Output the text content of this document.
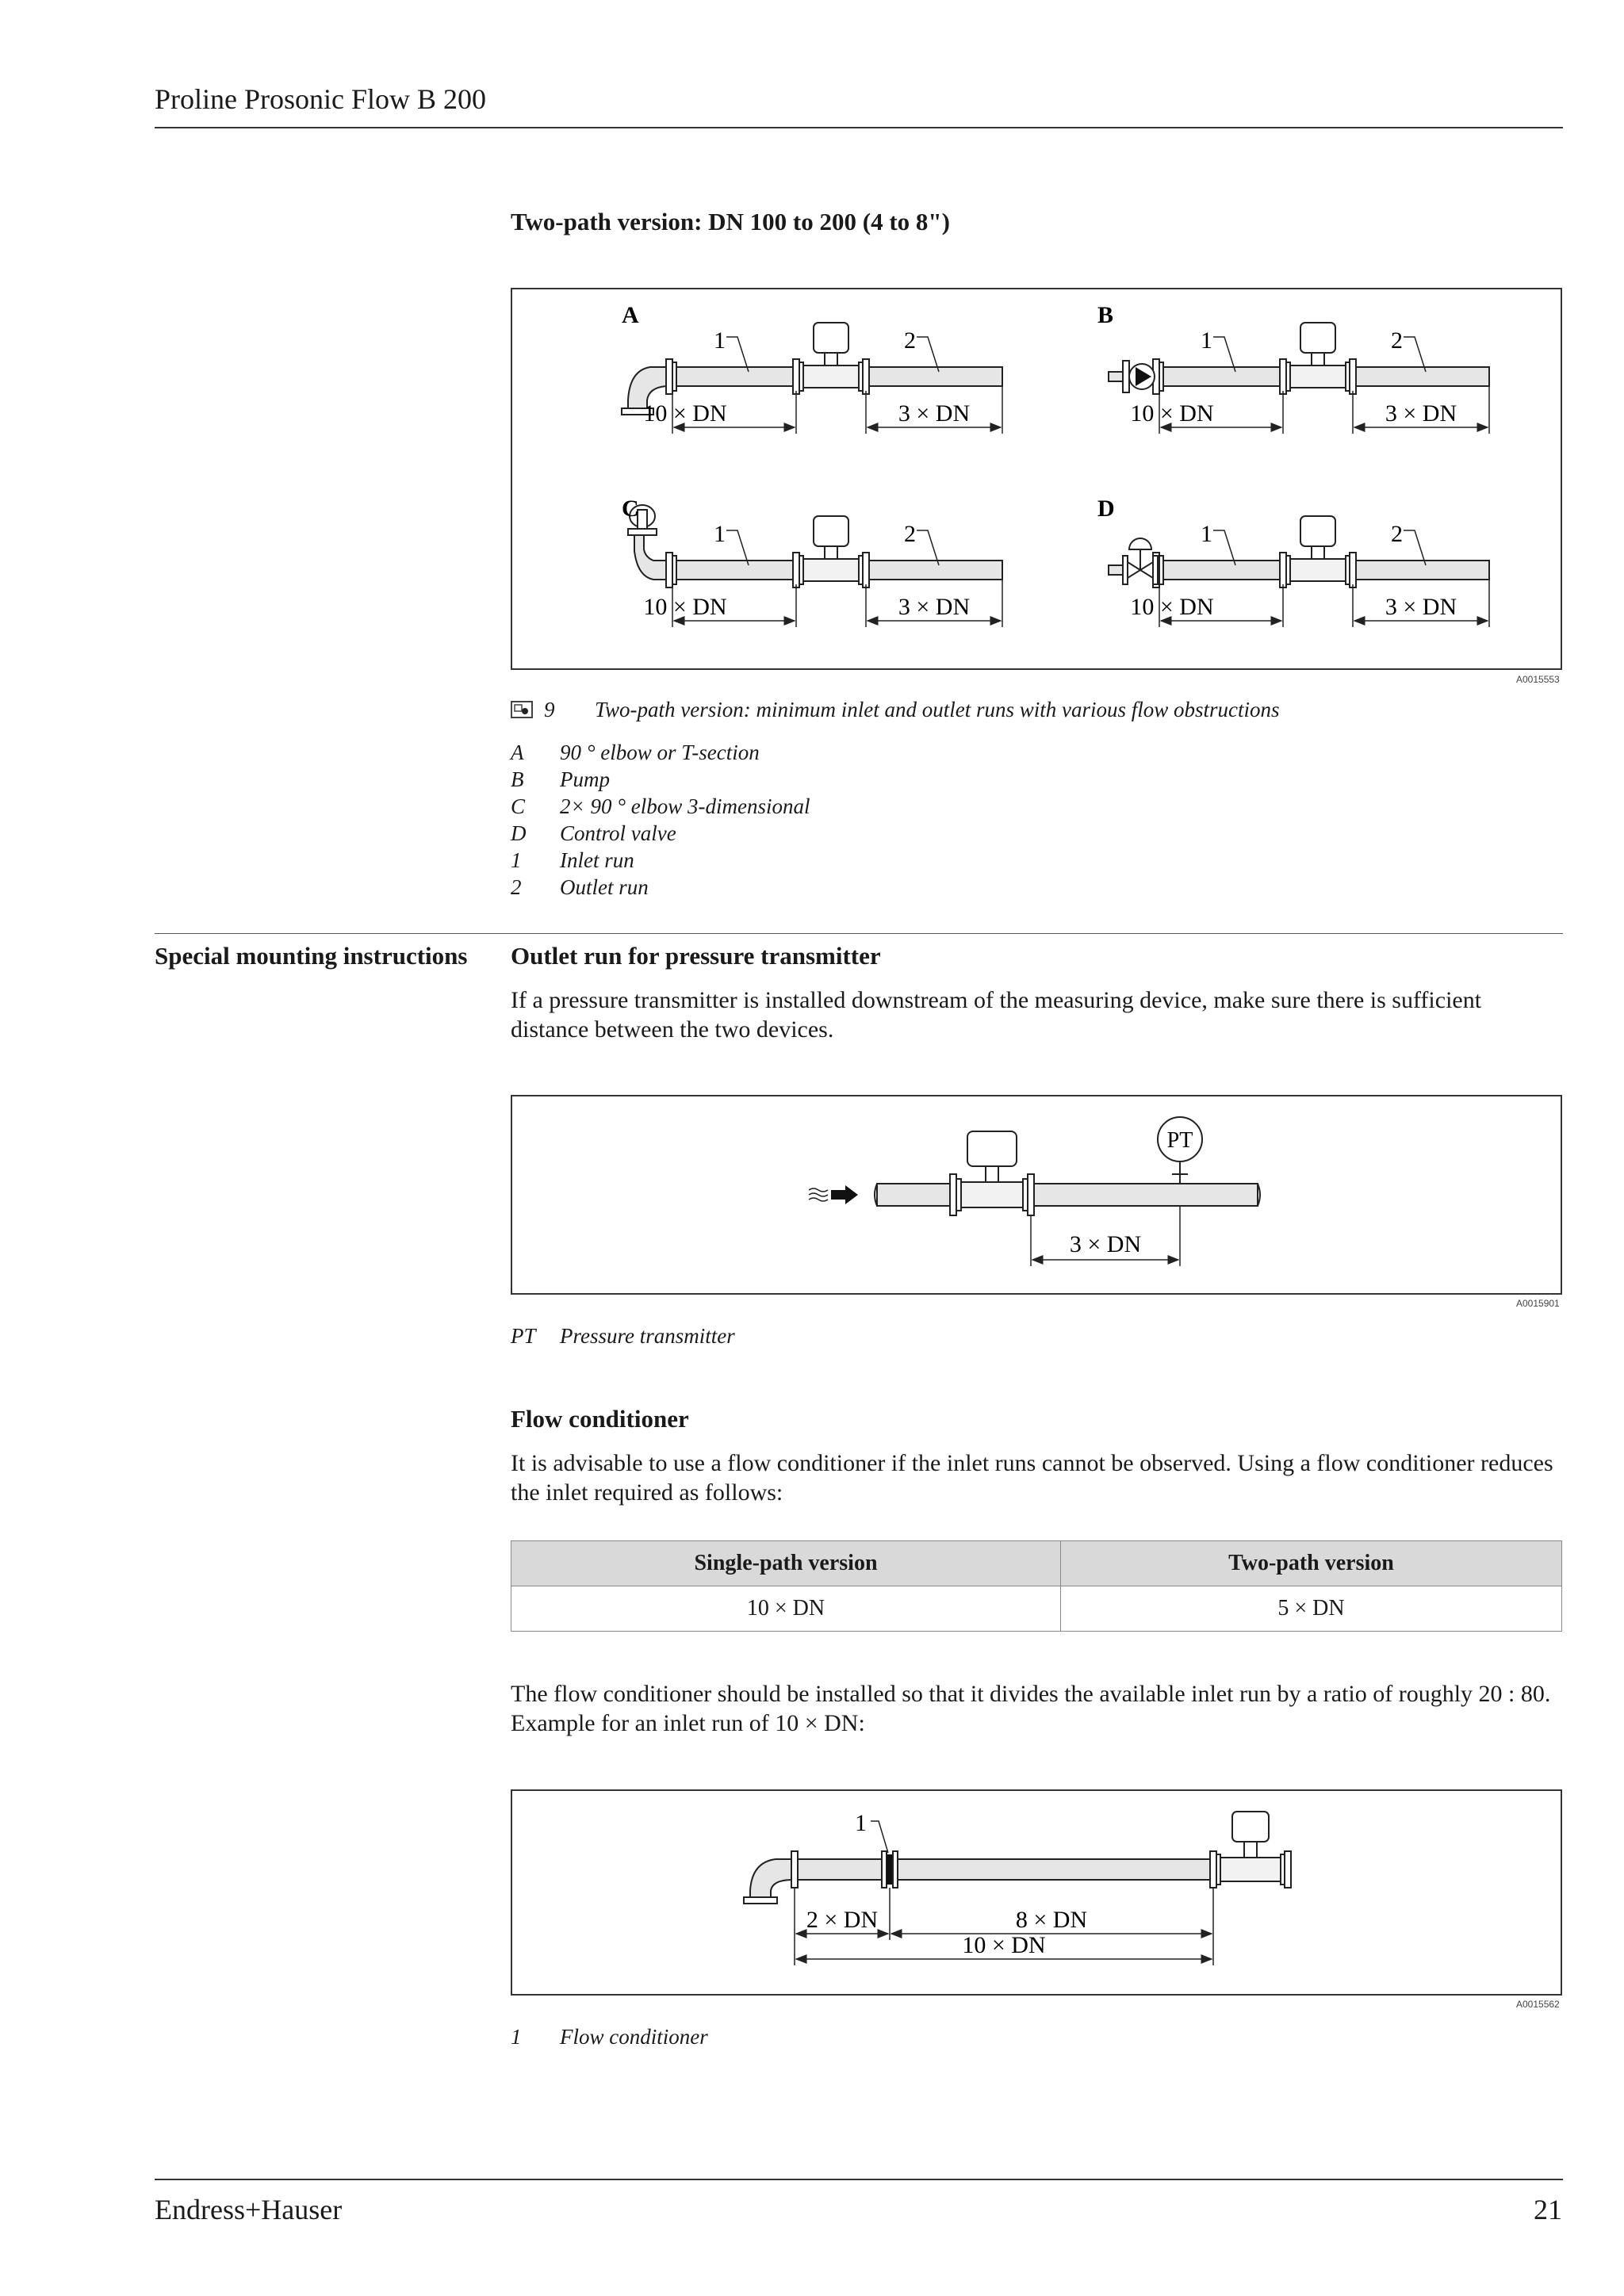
Proline Prosonic Flow B 200
Two-path version: DN 100 to 200 (4 to 8")
A	B
C	D
1	2
10 × DN	3 × DN
1	2
10 × DN	3 × DN
1	2
10 × DN	3 × DN
1	2
10 × DN	3 × DN
A0015553
9 Two-path version: minimum inlet and outlet runs with various flow obstructions
A 90 ° elbow or T-section
B Pump
C 2× 90 ° elbow 3-dimensional
D Control valve
1 Inlet run
2 Outlet run
Special mounting instructions Outlet run for pressure transmitter
If a pressure transmitter is installed downstream of the measuring device, make sure there is sufficient distance between the two devices.
PT
3 × DN
A0015901
PT Pressure transmitter
Flow conditioner
It is advisable to use a flow conditioner if the inlet runs cannot be observed. Using a flow conditioner reduces the inlet required as follows:
Single-path version	Two-path version
10 × DN	5 × DN
The flow conditioner should be installed so that it divides the available inlet run by a ratio of roughly 20 : 80. Example for an inlet run of 10 × DN:
1
2 × DN	8 × DN
10 × DN
A0015562
1 Flow conditioner
Endress+Hauser	21
